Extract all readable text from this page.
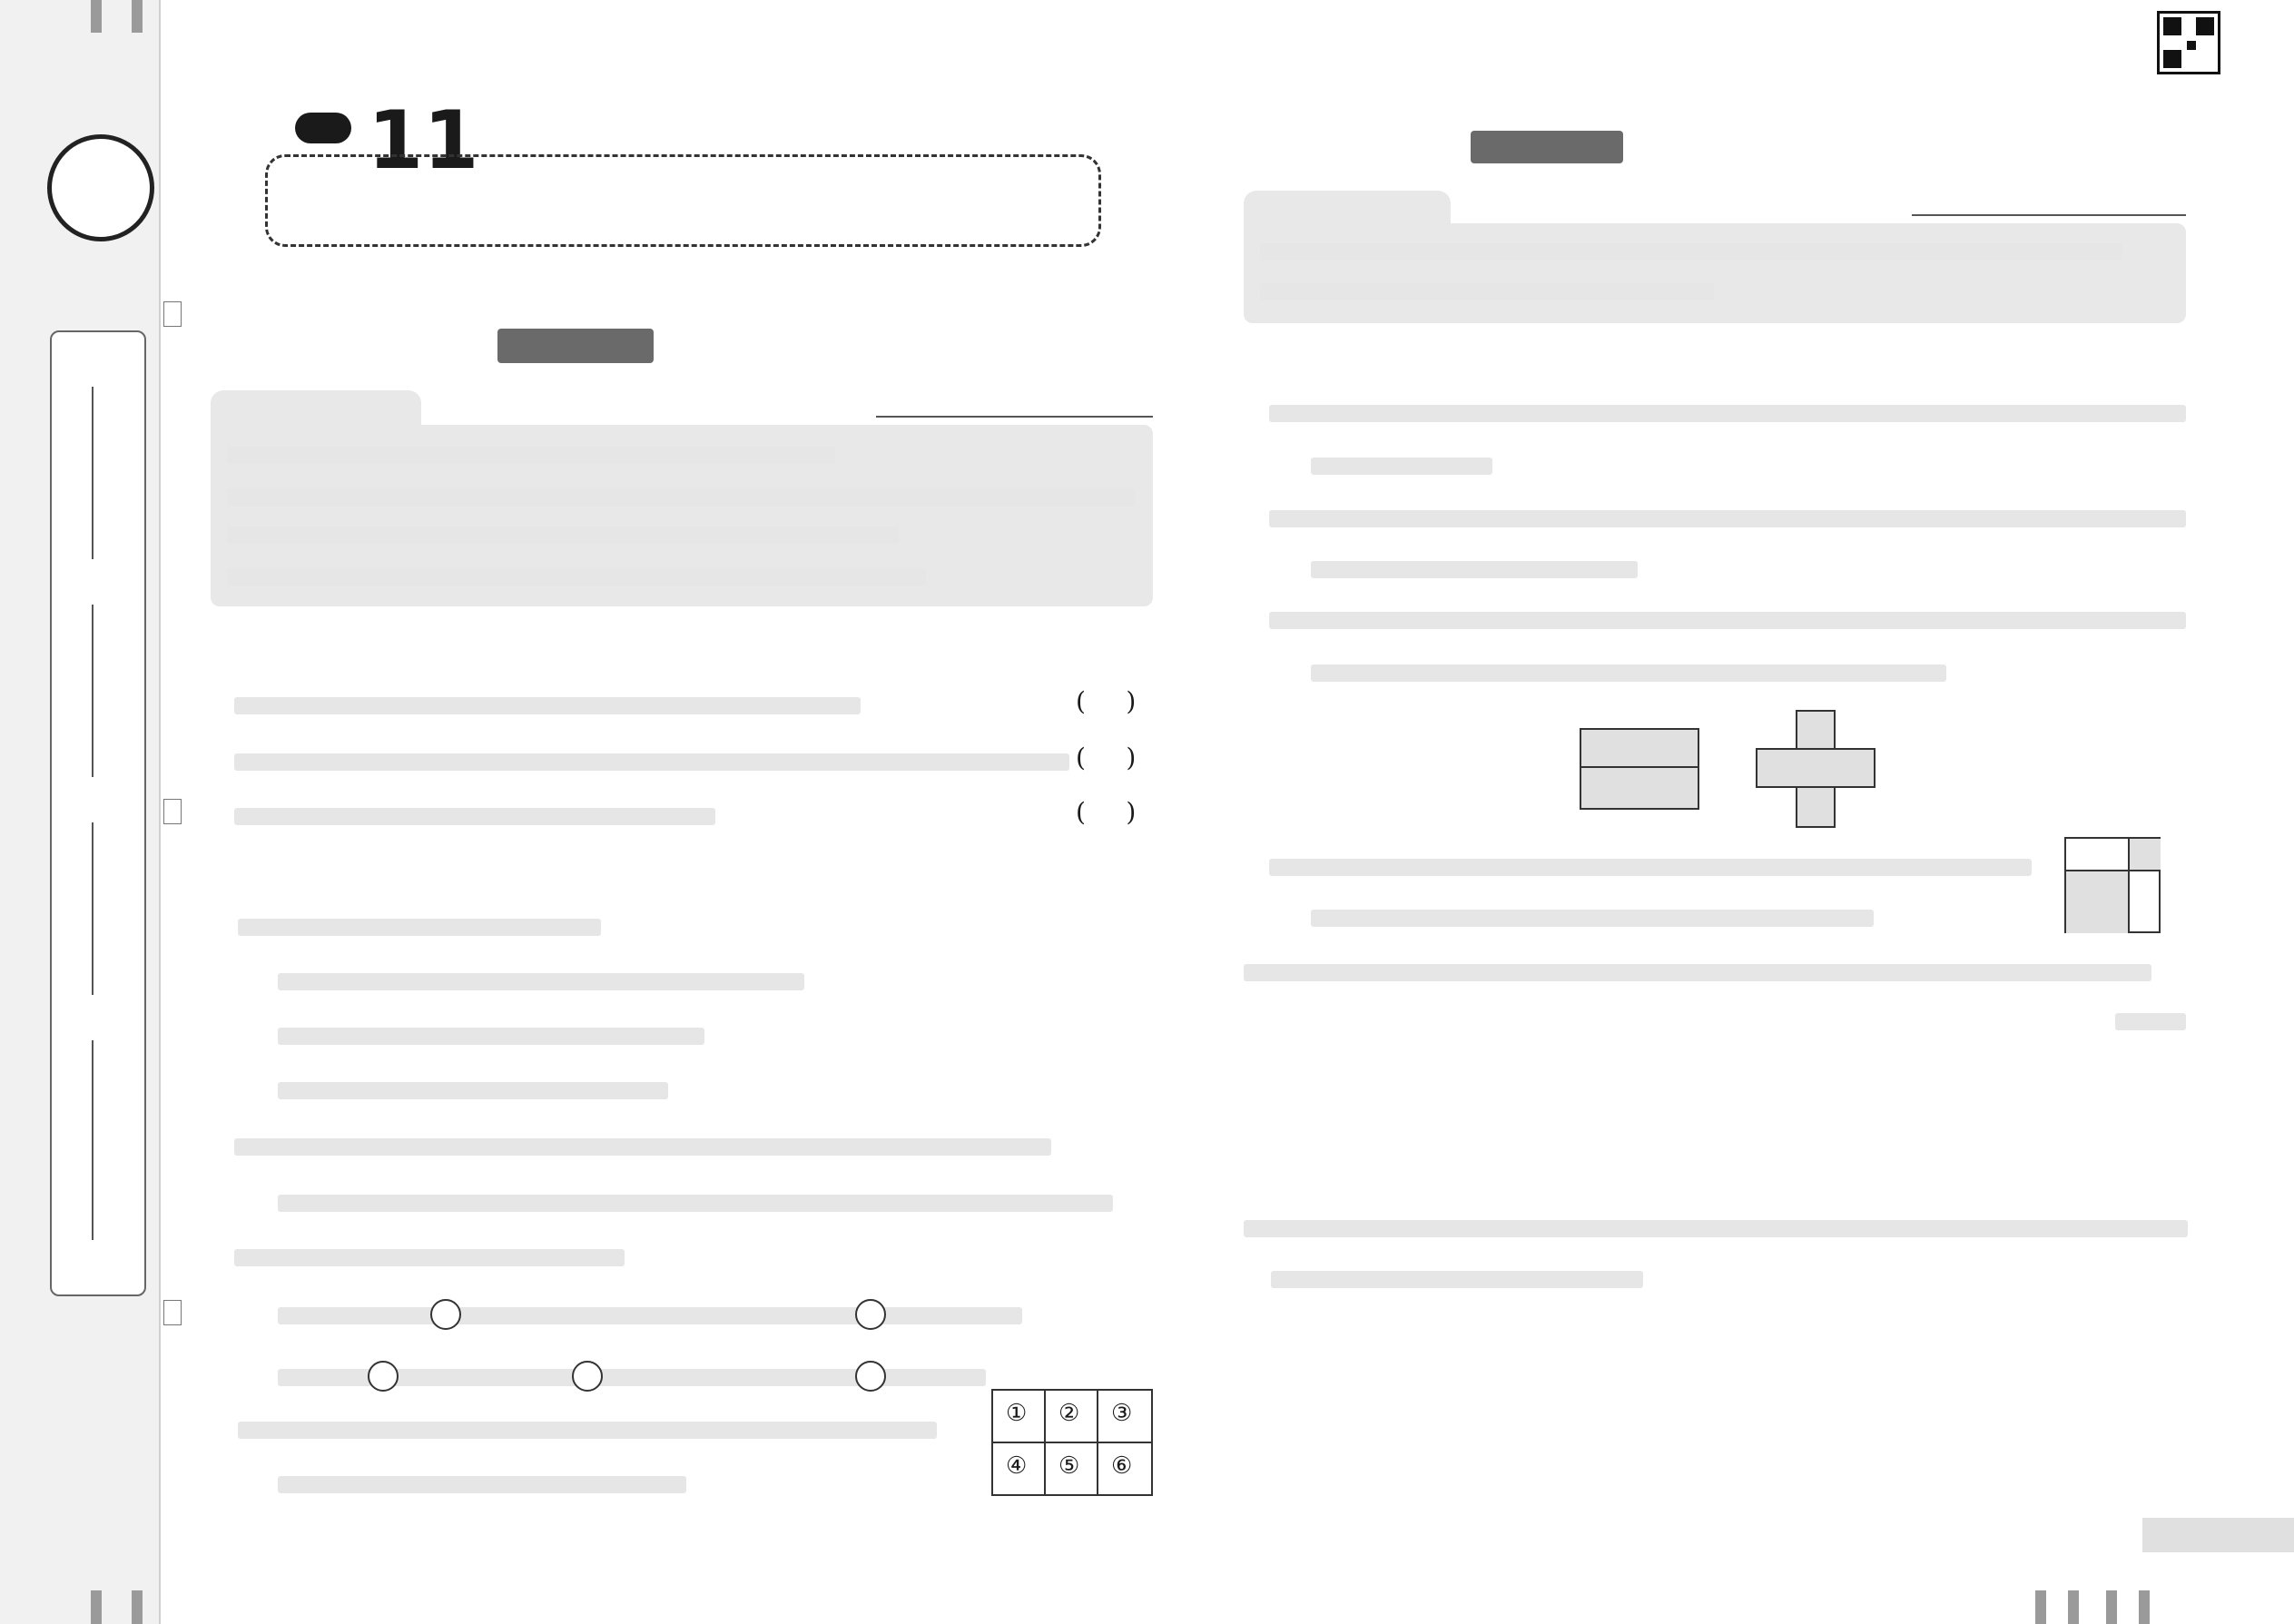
11
(     )
(     )
(     )
① ② ③
④ ⑤ ⑥
